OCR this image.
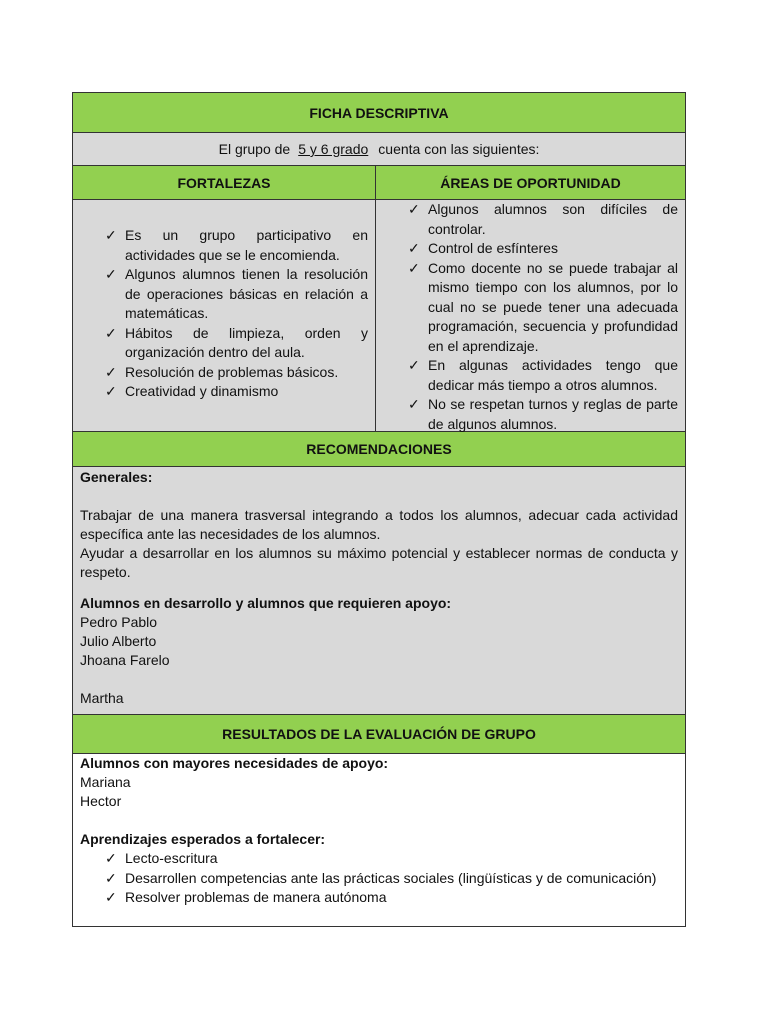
FICHA DESCRIPTIVA
El grupo de 5 y 6 grado cuenta con las siguientes:
FORTALEZAS	ÁREAS DE OPORTUNIDAD
✓ Es un grupo participativo en actividades que se le encomienda.
✓ Algunos alumnos tienen la resolución de operaciones básicas en relación a matemáticas.
✓ Hábitos de limpieza, orden y organización dentro del aula.
✓ Resolución de problemas básicos.
✓ Creatividad y dinamismo
✓ Algunos alumnos son difíciles de controlar.
✓ Control de esfínteres
✓ Como docente no se puede trabajar al mismo tiempo con los alumnos, por lo cual no se puede tener una adecuada programación, secuencia y profundidad en el aprendizaje.
✓ En algunas actividades tengo que dedicar más tiempo a otros alumnos.
✓ No se respetan turnos y reglas de parte de algunos alumnos.
RECOMENDACIONES
Generales:
Trabajar de una manera trasversal integrando a todos los alumnos, adecuar cada actividad específica ante las necesidades de los alumnos.
Ayudar a desarrollar en los alumnos su máximo potencial y establecer normas de conducta y respeto.
Alumnos en desarrollo y alumnos que requieren apoyo:
Pedro Pablo
Julio Alberto
Jhoana Farelo
Martha
RESULTADOS DE LA EVALUACIÓN DE GRUPO
Alumnos con mayores necesidades de apoyo:
Mariana
Hector
Aprendizajes esperados a fortalecer:
✓ Lecto-escritura
✓ Desarrollen competencias ante las prácticas sociales (lingüísticas y de comunicación)
✓ Resolver problemas de manera autónoma
